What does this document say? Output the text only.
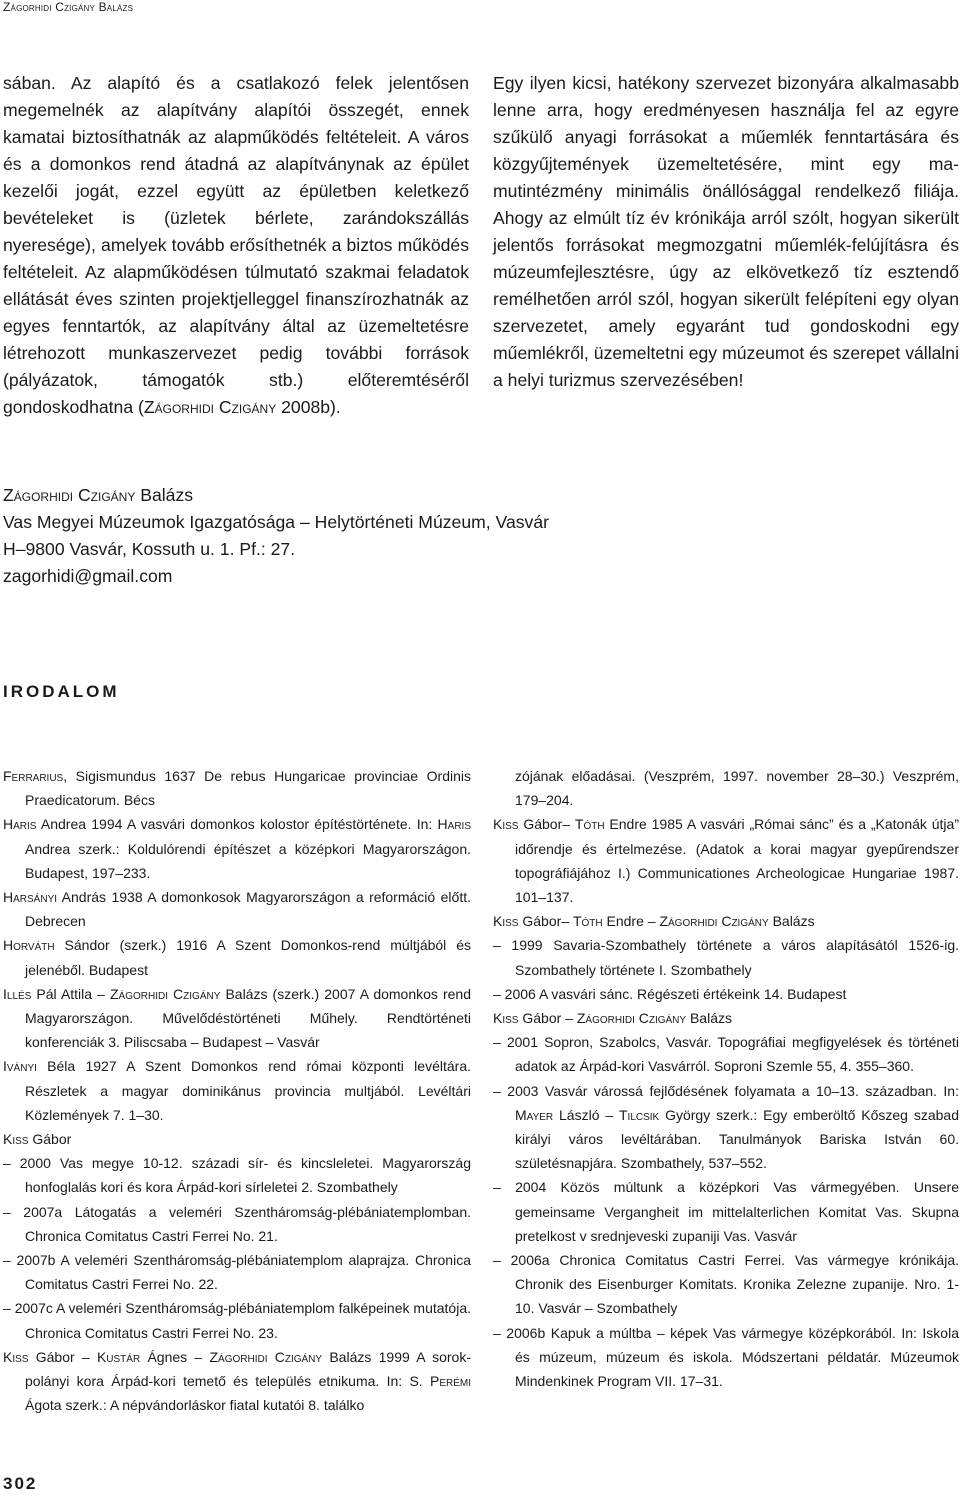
Zágorhidi Czigány Balázs

sában. Az alapító és a csatlakozó felek jelentősen megemelnék az alapítvány alapítói összegét, ennek kamatai biztosíthatnák az alapműködés feltételeit. A város és a domonkos rend átadná az alapítványnak az épület kezelői jogát, ezzel együtt az épületben keletkező bevételeket is (üzletek bérlete, zarándokszállás nyeresége), amelyek tovább erősíthetnék a biztos működés feltételeit. Az alapműködésen túlmutató szakmai feladatok ellátását éves szinten projektjelleggel finanszírozhatnák az egyes fenntartók, az alapítvány által az üzemeltetésre létrehozott munkaszervezet pedig további források (pályázatok, támogatók stb.) előteremtéséről gondoskodhatna (Zágorhidi Czigány 2008b).

Egy ilyen kicsi, hatékony szervezet bizonyára alkalmasabb lenne arra, hogy eredményesen használja fel az egyre szűkülő anyagi forrásokat a műemlék fenntartására és közgyűjtemények üzemeltetésére, mint egy mamutintézmény minimális önállósággal rendelkező filiája. Ahogy az elmúlt tíz év krónikája arról szólt, hogyan sikerült jelentős forrásokat megmozgatni műemlék-felújításra és múzeumfejlesztésre, úgy az elkövetkező tíz esztendő remélhetően arról szól, hogyan sikerült felépíteni egy olyan szervezetet, amely egyaránt tud gondoskodni egy műemlékről, üzemeltetni egy múzeumot és szerepet vállalni a helyi turizmus szervezésében!

Zágorhidi Czigány Balázs
Vas Megyei Múzeumok Igazgatósága – Helytörténeti Múzeum, Vasvár
H–9800 Vasvár, Kossuth u. 1. Pf.: 27.
zagorhidi@gmail.com
IRODALOM
Ferrarius, Sigismundus 1637 De rebus Hungaricae provinciae Ordinis Praedicatorum. Bécs
Haris Andrea 1994 A vasvári domonkos kolostor építéstörténete. In: Haris Andrea szerk.: Koldulórendi építészet a középkori Magyarországon. Budapest, 197–233.
Harsányi András 1938 A domonkosok Magyarországon a reformáció előtt. Debrecen
Horváth Sándor (szerk.) 1916 A Szent Domonkos-rend múltjából és jelenéből. Budapest
Illés Pál Attila – Zágorhidi Czigány Balázs (szerk.) 2007 A domonkos rend Magyarországon. Művelődéstörténeti Műhely. Rendtörténeti konferenciák 3. Piliscsaba – Budapest – Vasvár
Iványi Béla 1927 A Szent Domonkos rend római központi levéltára. Részletek a magyar dominikánus provincia multjából. Levéltári Közlemények 7. 1–30.
Kiss Gábor
– 2000 Vas megye 10-12. századi sír- és kincsleletei. Magyarország honfoglalás kori és kora Árpád-kori sírleletei 2. Szombathely
– 2007a Látogatás a veleméri Szentháromság-plébániatemplomban. Chronica Comitatus Castri Ferrei No. 21.
– 2007b A veleméri Szentháromság-plébániatemplom alaprajza. Chronica Comitatus Castri Ferrei No. 22.
– 2007c A veleméri Szentháromság-plébániatemplom falképeinek mutatója. Chronica Comitatus Castri Ferrei No. 23.
Kiss Gábor – Kustár Ágnes – Zágorhidi Czigány Balázs 1999 A sorokpolányi kora Árpád-kori temető és település etnikuma. In: S. Perémi Ágota szerk.: A népvándorláskor fiatal kutatói 8. találko
zójának előadásai. (Veszprém, 1997. november 28–30.) Veszprém, 179–204.
Kiss Gábor– Tóth Endre 1985 A vasvári „Római sánc” és a „Katonák útja” időrendje és értelmezése. (Adatok a korai magyar gyepűrendszer topográfiájához I.) Communicationes Archeologicae Hungariae 1987. 101–137.
Kiss Gábor– Tóth Endre – Zágorhidi Czigány Balázs
– 1999 Savaria-Szombathely története a város alapításától 1526-ig. Szombathely története I. Szombathely
– 2006 A vasvári sánc. Régészeti értékeink 14. Budapest
Kiss Gábor – Zágorhidi Czigány Balázs
– 2001 Sopron, Szabolcs, Vasvár. Topográfiai megfigyelések és történeti adatok az Árpád-kori Vasvárról. Soproni Szemle 55, 4. 355–360.
– 2003 Vasvár várossá fejlődésének folyamata a 10–13. században. In: Mayer László – Tilcsik György szerk.: Egy emberöltő Kőszeg szabad királyi város levéltárában. Tanulmányok Bariska István 60. születésnapjára. Szombathely, 537–552.
– 2004 Közös múltunk a középkori Vas vármegyében. Unsere gemeinsame Vergangheit im mittelalterlichen Komitat Vas. Skupna pretelkost v srednjeveski zupaniji Vas. Vasvár
– 2006a Chronica Comitatus Castri Ferrei. Vas vármegye krónikája. Chronik des Eisenburger Komitats. Kronika Zelezne zupanije. Nro. 1-10. Vasvár – Szombathely
– 2006b Kapuk a múltba – képek Vas vármegye középkorából. In: Iskola és múzeum, múzeum és iskola. Módszertani példatár. Múzeumok Mindenkinek Program VII. 17–31.
302
